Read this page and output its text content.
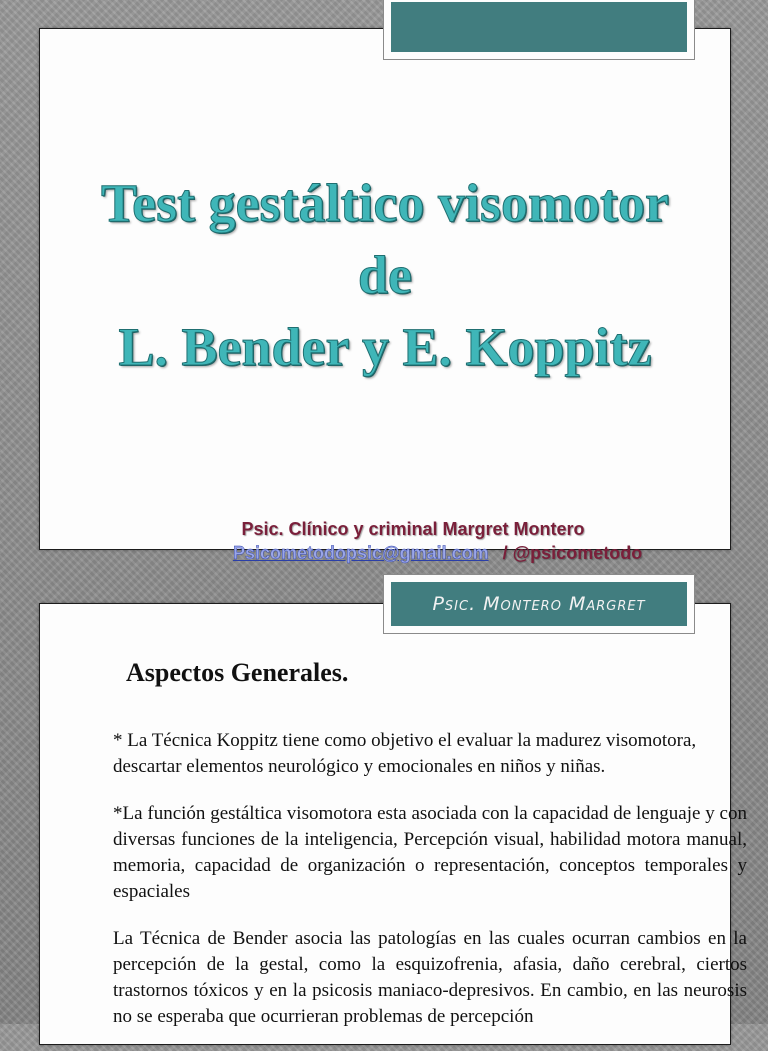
Test gestáltico visomotor
de
L. Bender y E. Koppitz

Psic. Clínico y criminal Margret Montero

Psicometodopsic@gmail.com / @psicometodo

Aspectos Generales.

* La Técnica Koppitz tiene como objetivo el evaluar la madurez visomotora, descartar elementos neurológico y emocionales en niños y niñas.

*La función gestáltica visomotora esta asociada con la capacidad de lenguaje y con diversas funciones de la inteligencia, Percepción visual, habilidad motora manual, memoria, capacidad de organización o representación, conceptos temporales y espaciales

La Técnica de Bender asocia las patologías en las cuales ocurran cambios en la percepción de la gestal, como la esquizofrenia, afasia, daño cerebral, ciertos trastornos tóxicos y en la psicosis maniaco-depresivos. En cambio, en las neurosis no se esperaba que ocurrieran problemas de percepción

Psic. Montero Margret
